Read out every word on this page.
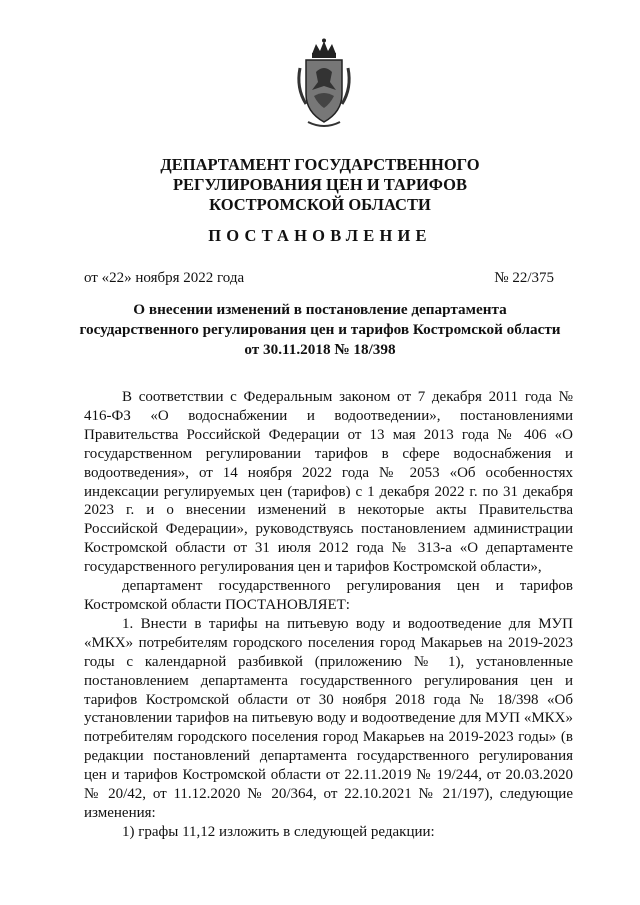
ДЕПАРТАМЕНТ ГОСУДАРСТВЕННОГО
РЕГУЛИРОВАНИЯ ЦЕН И ТАРИФОВ
КОСТРОМСКОЙ ОБЛАСТИ
ПОСТАНОВЛЕНИЕ
от «22» ноября 2022 года	№ 22/375
О внесении изменений в постановление департамента
государственного регулирования цен и тарифов Костромской области
от 30.11.2018 № 18/398

В соответствии с Федеральным законом от 7 декабря 2011 года № 416-ФЗ «О водоснабжении и водоотведении», постановлениями Правительства Российской Федерации от 13 мая 2013 года № 406 «О государственном регулировании тарифов в сфере водоснабжения и водоотведения», от 14 ноября 2022 года № 2053 «Об особенностях индексации регулируемых цен (тарифов) с 1 декабря 2022 г. по 31 декабря 2023 г. и о внесении изменений в некоторые акты Правительства Российской Федерации», руководствуясь постановлением администрации Костромской области от 31 июля 2012 года № 313-а «О департаменте государственного регулирования цен и тарифов Костромской области»,

департамент государственного регулирования цен и тарифов Костромской области ПОСТАНОВЛЯЕТ:

1. Внести в тарифы на питьевую воду и водоотведение для МУП «МКХ» потребителям городского поселения город Макарьев на 2019-2023 годы с календарной разбивкой (приложению № 1), установленные постановлением департамента государственного регулирования цен и тарифов Костромской области от 30 ноября 2018 года № 18/398 «Об установлении тарифов на питьевую воду и водоотведение для МУП «МКХ» потребителям городского поселения город Макарьев на 2019-2023 годы» (в редакции постановлений департамента государственного регулирования цен и тарифов Костромской области от 22.11.2019 № 19/244, от 20.03.2020 № 20/42, от 11.12.2020 № 20/364, от 22.10.2021 № 21/197), следующие изменения:

1) графы 11,12 изложить в следующей редакции:
